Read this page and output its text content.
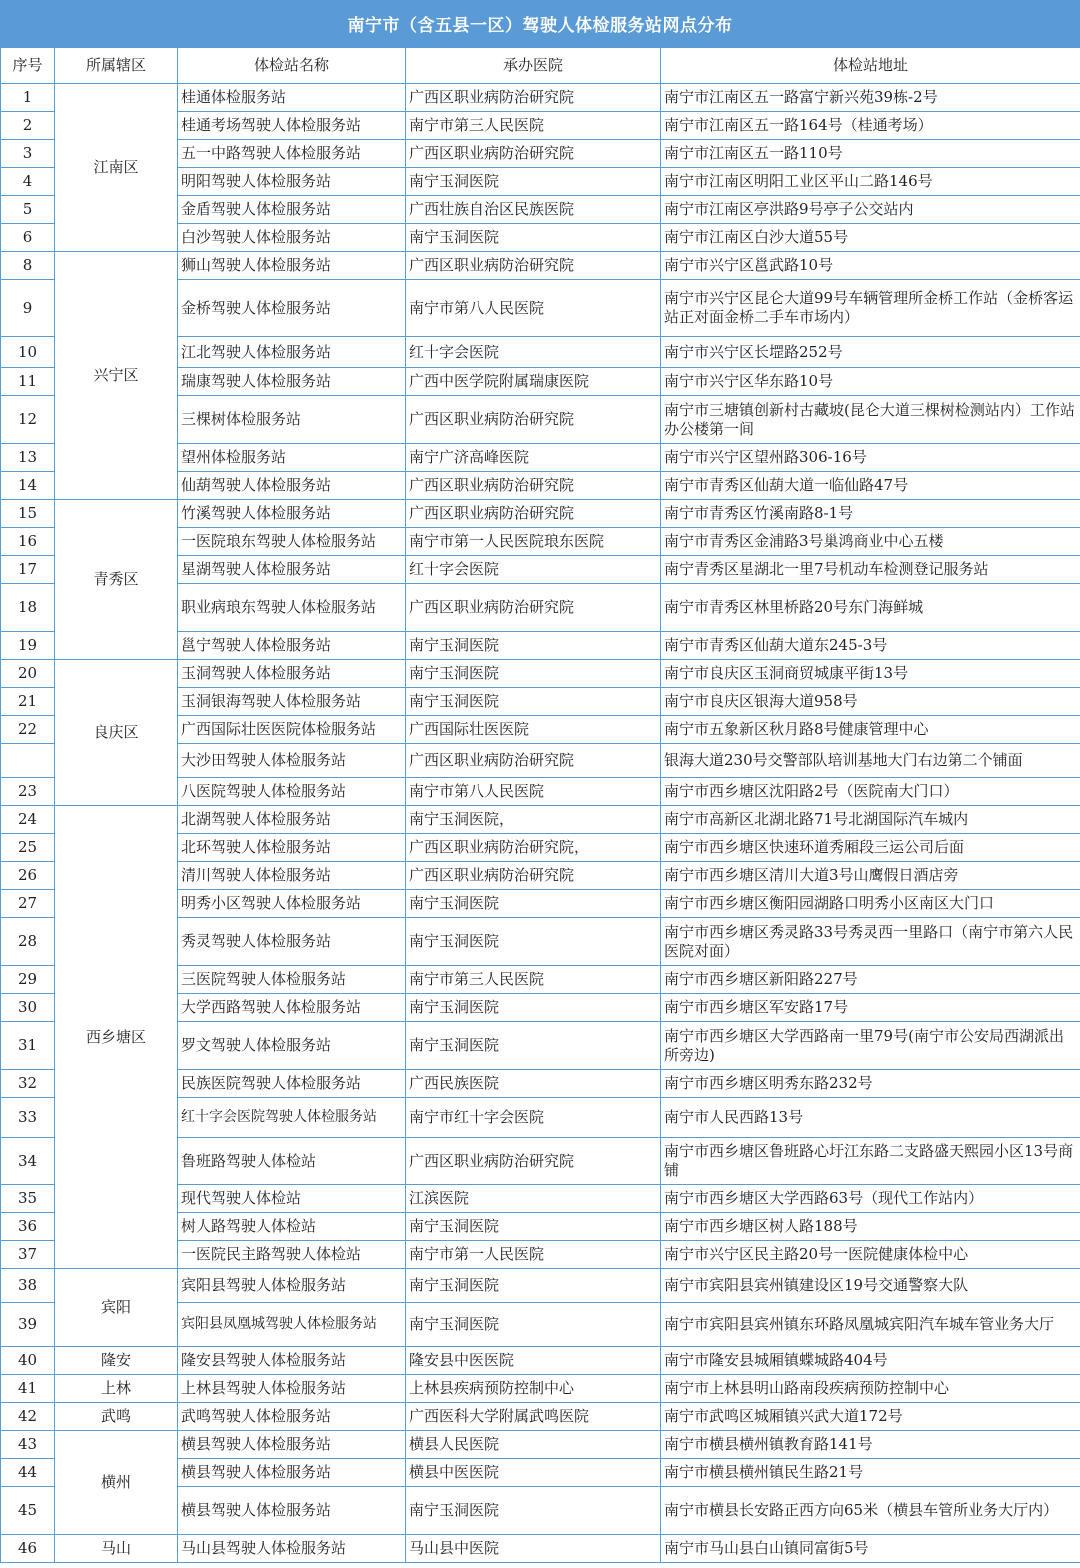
南宁市（含五县一区）驾驶人体检服务站网点分布
序号	所属辖区	体检站名称	承办医院	体检站地址
1	江南区	桂通体检服务站	广西区职业病防治研究院	南宁市江南区五一路富宁新兴苑39栋-2号
2		桂通考场驾驶人体检服务站	南宁市第三人民医院	南宁市江南区五一路164号（桂通考场）
3		五一中路驾驶人体检服务站	广西区职业病防治研究院	南宁市江南区五一路110号
4		明阳驾驶人体检服务站	南宁玉洞医院	南宁市江南区明阳工业区平山二路146号
5		金盾驾驶人体检服务站	广西壮族自治区民族医院	南宁市江南区亭洪路9号亭子公交站内
6		白沙驾驶人体检服务站	南宁玉洞医院	南宁市江南区白沙大道55号
8	兴宁区	狮山驾驶人体检服务站	广西区职业病防治研究院	南宁市兴宁区邕武路10号
9		金桥驾驶人体检服务站	南宁市第八人民医院	南宁市兴宁区昆仑大道99号车辆管理所金桥工作站（金桥客运站正对面金桥二手车市场内）
10		江北驾驶人体检服务站	红十字会医院	南宁市兴宁区长堽路252号
11		瑞康驾驶人体检服务站	广西中医学院附属瑞康医院	南宁市兴宁区华东路10号
12		三棵树体检服务站	广西区职业病防治研究院	南宁市三塘镇创新村古藏坡(昆仑大道三棵树检测站内）工作站办公楼第一间
13		望州体检服务站	南宁广济高峰医院	南宁市兴宁区望州路306-16号
14		仙葫驾驶人体检服务站	广西区职业病防治研究院	南宁市青秀区仙葫大道一临仙路47号
15	青秀区	竹溪驾驶人体检服务站	广西区职业病防治研究院	南宁市青秀区竹溪南路8-1号
16		一医院琅东驾驶人体检服务站	南宁市第一人民医院琅东医院	南宁市青秀区金浦路3号巢鸿商业中心五楼
17		星湖驾驶人体检服务站	红十字会医院	南宁青秀区星湖北一里7号机动车检测登记服务站
18		职业病琅东驾驶人体检服务站	广西区职业病防治研究院	南宁市青秀区林里桥路20号东门海鲜城
19		邕宁驾驶人体检服务站	南宁玉洞医院	南宁市青秀区仙葫大道东245-3号
20	良庆区	玉洞驾驶人体检服务站	南宁玉洞医院	南宁市良庆区玉洞商贸城康平街13号
21		玉洞银海驾驶人体检服务站	南宁玉洞医院	南宁市良庆区银海大道958号
22		广西国际壮医医院体检服务站	广西国际壮医医院	南宁市五象新区秋月路8号健康管理中心
		大沙田驾驶人体检服务站	广西区职业病防治研究院	银海大道230号交警部队培训基地大门右边第二个铺面
23		八医院驾驶人体检服务站	南宁市第八人民医院	南宁市西乡塘区沈阳路2号（医院南大门口）
24	西乡塘区	北湖驾驶人体检服务站	南宁玉洞医院，	南宁市高新区北湖北路71号北湖国际汽车城内
25		北环驾驶人体检服务站	广西区职业病防治研究院，	南宁市西乡塘区快速环道秀厢段三运公司后面
26		清川驾驶人体检服务站	广西区职业病防治研究院	南宁市西乡塘区清川大道3号山鹰假日酒店旁
27		明秀小区驾驶人体检服务站	南宁玉洞医院	南宁市西乡塘区衡阳园湖路口明秀小区南区大门口
28		秀灵驾驶人体检服务站	南宁玉洞医院	南宁市西乡塘区秀灵路33号秀灵西一里路口（南宁市第六人民医院对面）
29		三医院驾驶人体检服务站	南宁市第三人民医院	南宁市西乡塘区新阳路227号
30		大学西路驾驶人体检服务站	南宁玉洞医院	南宁市西乡塘区军安路17号
31		罗文驾驶人体检服务站	南宁玉洞医院	南宁市西乡塘区大学西路南一里79号(南宁市公安局西湖派出所旁边)
32		民族医院驾驶人体检服务站	广西民族医院	南宁市西乡塘区明秀东路232号
33		红十字会医院驾驶人体检服务站	南宁市红十字会医院	南宁市人民西路13号
34		鲁班路驾驶人体检站	广西区职业病防治研究院	南宁市西乡塘区鲁班路心圩江东路二支路盛天熙园小区13号商铺
35		现代驾驶人体检站	江滨医院	南宁市西乡塘区大学西路63号（现代工作站内）
36		树人路驾驶人体检站	南宁玉洞医院	南宁市西乡塘区树人路188号
37		一医院民主路驾驶人体检站	南宁市第一人民医院	南宁市兴宁区民主路20号一医院健康体检中心
38	宾阳	宾阳县驾驶人体检服务站	南宁玉洞医院	南宁市宾阳县宾州镇建设区19号交通警察大队
39		宾阳县凤凰城驾驶人体检服务站	南宁玉洞医院	南宁市宾阳县宾州镇东环路凤凰城宾阳汽车城车管业务大厅
40	隆安	隆安县驾驶人体检服务站	隆安县中医医院	南宁市隆安县城厢镇蝶城路404号
41	上林	上林县驾驶人体检服务站	上林县疾病预防控制中心	南宁市上林县明山路南段疾病预防控制中心
42	武鸣	武鸣驾驶人体检服务站	广西医科大学附属武鸣医院	南宁市武鸣区城厢镇兴武大道172号
43	横州	横县驾驶人体检服务站	横县人民医院	南宁市横县横州镇教育路141号
44		横县驾驶人体检服务站	横县中医医院	南宁市横县横州镇民生路21号
45		横县驾驶人体检服务站	南宁玉洞医院	南宁市横县长安路正西方向65米（横县车管所业务大厅内）
46	马山	马山县驾驶人体检服务站	马山县中医院	南宁市马山县白山镇同富街5号
